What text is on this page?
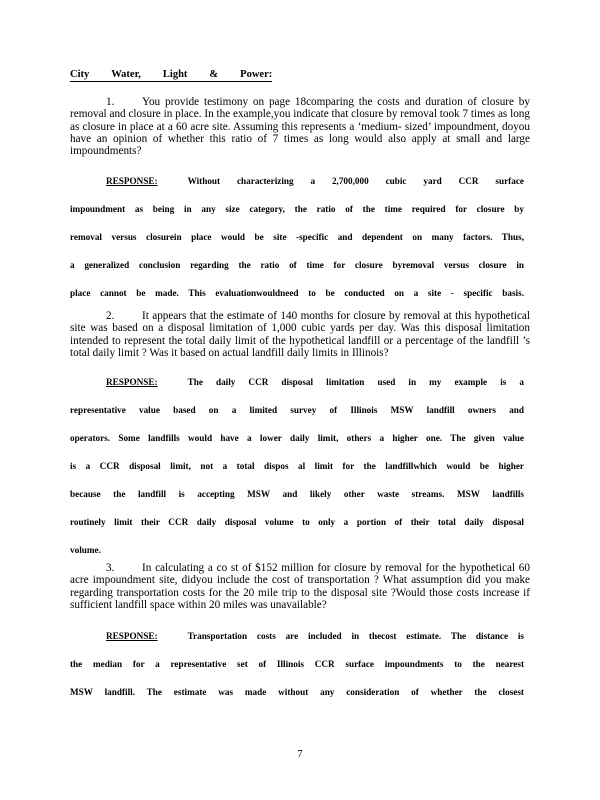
City Water, Light & Power:
1. You provide testimony on page 18comparing the costs and duration of closure by removal and closure in place. In the example,you indicate that closure by removal took 7 times as long as closure in place at a 60 acre site. Assuming this represents a ‘medium- sized’ impoundment, doyou have an opinion of whether this ratio of 7 times as long would also apply at small and large impoundments?
RESPONSE:	Without characterizing a 2,700,000 cubic yard CCR surface
impoundment as being in any size category, the ratio of the time required for closure by
removal versus closurein place would be site -specific and dependent on many factors. Thus,
a generalized conclusion regarding the ratio of time for closure byremoval versus closure in
place cannot be made. This evaluationwouldneed to be conducted on a site - specific basis.
2. It appears that the estimate of 140 months for closure by removal at this hypothetical site was based on a disposal limitation of 1,000 cubic yards per day. Was this disposal limitation intended to represent the total daily limit of the hypothetical landfill or a percentage of the landfill ’s total daily limit ? Was it based on actual landfill daily limits in Illinois?
RESPONSE:	The daily CCR disposal limitation used in my example is a
representative value based on a limited survey of Illinois MSW landfill owners and
operators. Some landfills would have a lower daily limit, others a higher one. The given value
is a CCR disposal limit, not a total dispos al limit for the landfillwhich would be higher
because the landfill is accepting MSW and likely other waste streams. MSW landfills
routinely limit their CCR daily disposal volume to only a portion of their total daily disposal
volume.
3. In calculating a co st of $152 million for closure by removal for the hypothetical 60 acre impoundment site, didyou include the cost of transportation ? What assumption did you make regarding transportation costs for the 20 mile trip to the disposal site ?Would those costs increase if sufficient landfill space within 20 miles was unavailable?
RESPONSE:	Transportation costs are included in thecost estimate. The distance is
the median for a representative set of Illinois CCR surface impoundments to the nearest
MSW landfill. The estimate was made without any consideration of whether the closest
7
